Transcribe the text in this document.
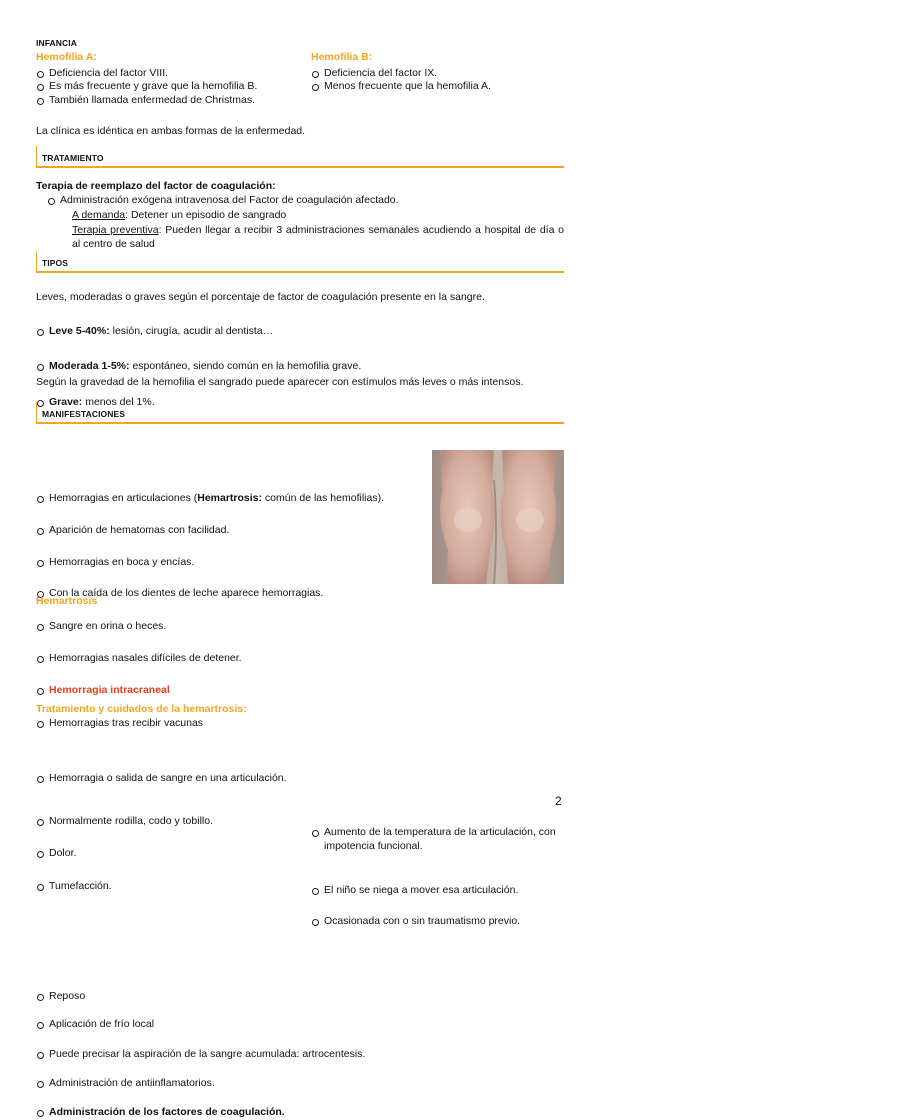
INFANCIA
Hemofilia A:
Deficiencia del factor VIII.
Es más frecuente y grave que la hemofilia B.
También llamada enfermedad de Christmas.
Hemofilia B:
Deficiencia del factor IX.
Menos frecuente que la hemofilia A.
La clínica es idéntica en ambas formas de la enfermedad.
TRATAMIENTO
Terapia de reemplazo del factor de coagulación:
Administración exógena intravenosa del Factor de coagulación afectado.
A demanda: Detener un episodio de sangrado
Terapia preventiva: Pueden llegar a recibir 3 administraciones semanales acudiendo a hospital de día o al centro de salud
TIPOS
Leves, moderadas o graves según el porcentaje de factor de coagulación presente en la sangre.
Leve 5-40%: lesión, cirugía, acudir al dentista…
Moderada 1-5%: espontáneo, siendo común en la hemofilia grave.
Grave: menos del 1%.
Según la gravedad de la hemofilia el sangrado puede aparecer con estímulos más leves o más intensos.
MANIFESTACIONES
Hemorragias en articulaciones (Hemartrosis: común de las hemofilias).
Aparición de hematomas con facilidad.
Hemorragias en boca y encías.
Con la caída de los dientes de leche aparece hemorragias.
Sangre en orina o heces.
Hemorragias nasales difíciles de detener.
Hemorragia intracraneal
Hemorragias tras recibir vacunas
Hemartrosis
Hemorragia o salida de sangre en una articulación.
Normalmente rodilla, codo y tobillo.
Dolor.
Tumefacción.
Aumento de la temperatura de la articulación, con impotencia funcional.
El niño se niega a mover esa articulación.
Ocasionada con o sin traumatismo previo.
Tratamiento y cuidados de la hemartrosis:
Reposo
Aplicación de frío local
Puede precisar la aspiración de la sangre acumulada: artrocentesis.
Administración de antiinflamatorios.
Administración de los factores de coagulación.
2
